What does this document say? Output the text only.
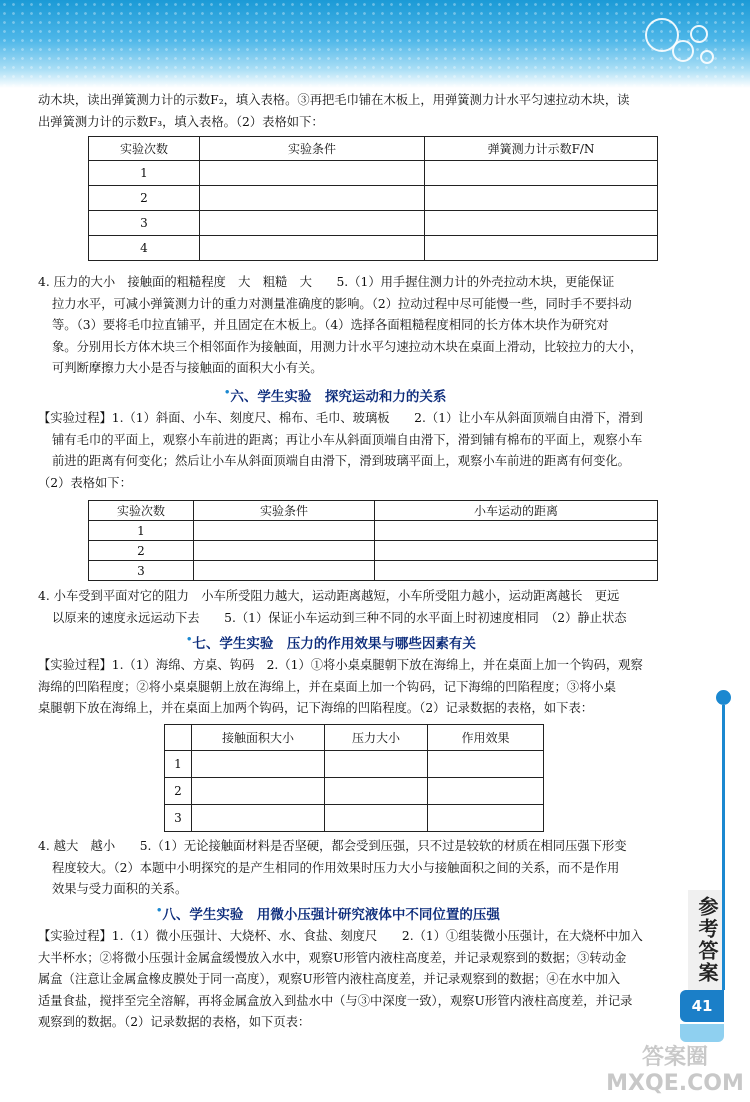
动木块，读出弹簧测力计的示数F₂，填入表格。③再把毛巾铺在木板上，用弹簧测力计水平匀速拉动木块，读

出弹簧测力计的示数F₃，填入表格。（2）表格如下：

实验次数	实验条件	弹簧测力计示数F/N
1		
2		
3		
4		

4. 压力的大小　接触面的粗糙程度　大　粗糙　大　　5.（1）用手握住测力计的外壳拉动木块，更能保证

拉力水平，可减小弹簧测力计的重力对测量准确度的影响。（2）拉动过程中尽可能慢一些，同时手不要抖动

等。（3）要将毛巾拉直铺平，并且固定在木板上。（4）选择各面粗糙程度相同的长方体木块作为研究对

象。分别用长方体木块三个相邻面作为接触面，用测力计水平匀速拉动木块在桌面上滑动，比较拉力的大小，

可判断摩擦力大小是否与接触面的面积大小有关。

•六、学生实验　探究运动和力的关系

【实验过程】1.（1）斜面、小车、刻度尺、棉布、毛巾、玻璃板　　2.（1）让小车从斜面顶端自由滑下，滑到

铺有毛巾的平面上，观察小车前进的距离；再让小车从斜面顶端自由滑下，滑到铺有棉布的平面上，观察小车

前进的距离有何变化；然后让小车从斜面顶端自由滑下，滑到玻璃平面上，观察小车前进的距离有何变化。

（2）表格如下：

实验次数	实验条件	小车运动的距离
1		
2		
3		

4. 小车受到平面对它的阻力　小车所受阻力越大，运动距离越短，小车所受阻力越小，运动距离越长　更远

以原来的速度永远运动下去　　5.（1）保证小车运动到三种不同的水平面上时初速度相同　（2）静止状态

•七、学生实验　压力的作用效果与哪些因素有关

【实验过程】1.（1）海绵、方桌、钩码　2.（1）①将小桌桌腿朝下放在海绵上，并在桌面上加一个钩码，观察

海绵的凹陷程度；②将小桌桌腿朝上放在海绵上，并在桌面上加一个钩码，记下海绵的凹陷程度；③将小桌

桌腿朝下放在海绵上，并在桌面上加两个钩码，记下海绵的凹陷程度。（2）记录数据的表格，如下表：

	接触面积大小	压力大小	作用效果
1			
2			
3			

4. 越大　越小　　5.（1）无论接触面材料是否坚硬，都会受到压强，只不过是较软的材质在相同压强下形变

程度较大。（2）本题中小明探究的是产生相同的作用效果时压力大小与接触面积之间的关系，而不是作用

效果与受力面积的关系。

•八、学生实验　用微小压强计研究液体中不同位置的压强

【实验过程】1.（1）微小压强计、大烧杯、水、食盐、刻度尺　　2.（1）①组装微小压强计，在大烧杯中加入

大半杯水；②将微小压强计金属盒缓慢放入水中，观察U形管内液柱高度差，并记录观察到的数据；③转动金

属盒（注意让金属盒橡皮膜处于同一高度），观察U形管内液柱高度差，并记录观察到的数据；④在水中加入

适量食盐，搅拌至完全溶解，再将金属盒放入到盐水中（与③中深度一致），观察U形管内液柱高度差，并记录

观察到的数据。（2）记录数据的表格，如下页表：

参考答案
41
答案圈
MXQE.COM
